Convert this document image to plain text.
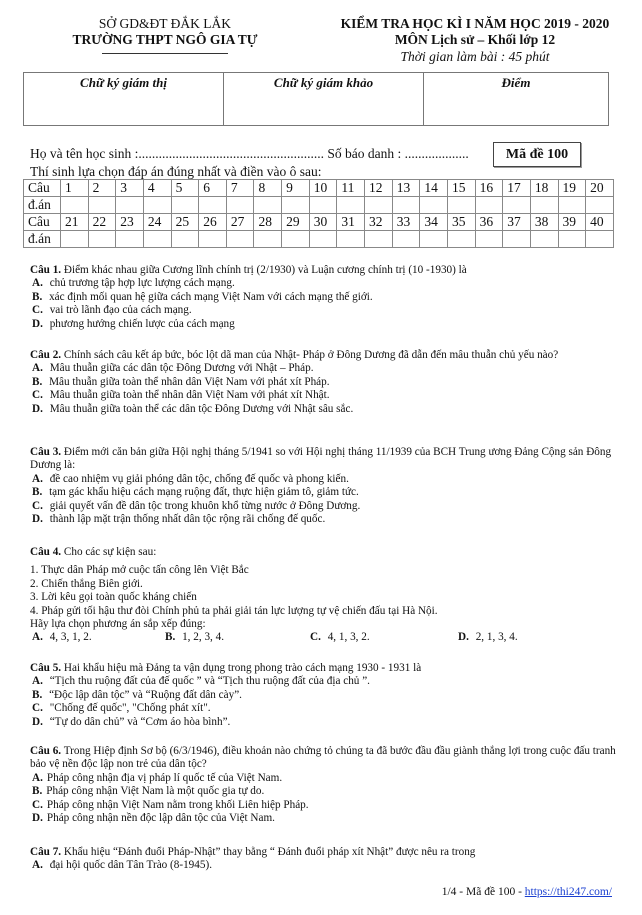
SỞ GD&ĐT ĐẮK LẮK
TRƯỜNG THPT NGÔ GIA TỰ
KIỂM TRA HỌC KÌ I NĂM HỌC 2019 - 2020
MÔN Lịch sử – Khối lớp 12
Thời gian làm bài : 45 phút
Chữ ký giám thị	Chữ ký giám khảo	Điểm
Họ và tên học sinh :....................................................... Số báo danh : ...................	Mã đề 100
Thí sinh lựa chọn đáp án đúng nhất và điền vào ô sau:
Câu	1	2	3	4	5	6	7	8	9	10	11	12	13	14	15	16	17	18	19	20
đ.án																				
Câu	21	22	23	24	25	26	27	28	29	30	31	32	33	34	35	36	37	38	39	40
đ.án																				

Câu 1. Điểm khác nhau giữa Cương lĩnh chính trị (2/1930) và Luận cương chính trị (10 -1930) là

A. chủ trương tập hợp lực lượng cách mạng.

B. xác định mối quan hệ giữa cách mạng Việt Nam với cách mạng thế giới.

C. vai trò lãnh đạo của cách mạng.

D. phương hướng chiến lược của cách mạng

Câu 2. Chính sách câu kết áp bức, bóc lột dã man của Nhật- Pháp ở Đông Dương đã dẫn đến mâu thuẫn chủ yếu nào?

A. Mâu thuẫn giữa các dân tộc Đông Dương với Nhật – Pháp.

B. Mâu thuẫn giữa toàn thể nhân dân Việt Nam với phát xít Pháp.

C. Mâu thuẫn giữa toàn thể nhân dân Việt Nam với phát xít Nhật.

D. Mâu thuẫn giữa toàn thể các dân tộc Đông Dương với Nhật sâu sắc.

Câu 3. Điểm mới căn bản giữa Hội nghị tháng 5/1941 so với Hội nghị tháng 11/1939 của BCH Trung ương Đảng Cộng sản Đông Dương là:

A. đề cao nhiệm vụ giải phóng dân tộc, chống đế quốc và phong kiến.

B. tạm gác khẩu hiệu cách mạng ruộng đất, thực hiện giảm tô, giảm tức.

C. giải quyết vấn đề dân tộc trong khuôn khổ từng nước ở Đông Dương.

D. thành lập mặt trận thống nhất dân tộc rộng rãi chống đế quốc.

Câu 4. Cho các sự kiện sau:

1. Thực dân Pháp mở cuộc tấn công lên Việt Bắc

2. Chiến thắng Biên giới.

3. Lời kêu gọi toàn quốc kháng chiến

4. Pháp gửi tối hậu thư đòi Chính phủ ta phải giải tán lực lượng tự vệ chiến đấu tại Hà Nội.

Hãy lựa chọn phương án sắp xếp đúng:

A. 4, 3, 1, 2.	B. 1, 2, 3, 4.	C. 4, 1, 3, 2.	D. 2, 1, 3, 4.

Câu 5. Hai khẩu hiệu mà Đảng ta vận dụng trong phong trào cách mạng 1930 - 1931 là

A. “Tịch thu ruộng đất của đế quốc ” và “Tịch thu ruộng đất của địa chủ ”.

B. “Độc lập dân tộc” và “Ruộng đất dân cày”.

C. "Chống đế quốc", "Chống phát xít".

D. “Tự do dân chủ” và “Cơm áo hòa bình”.

Câu 6. Trong Hiệp định Sơ bộ (6/3/1946), điều khoản nào chứng tỏ chúng ta đã bước đầu đầu giành thắng lợi trong cuộc đấu tranh bảo vệ nền độc lập non trẻ của dân tộc?

A. Pháp công nhận địa vị pháp lí quốc tế của Việt Nam.

B. Pháp công nhận Việt Nam là một quốc gia tự do.

C. Pháp công nhận Việt Nam nằm trong khối Liên hiệp Pháp.

D. Pháp công nhận nền độc lập dân tộc của Việt Nam.

Câu 7. Khẩu hiệu “Đánh đuổi Pháp-Nhật” thay bằng “ Đánh đuổi pháp xít Nhật” được nêu ra trong

A. đại hội quốc dân Tân Trào (8-1945).

1/4 - Mã đề 100 - https://thi247.com/
